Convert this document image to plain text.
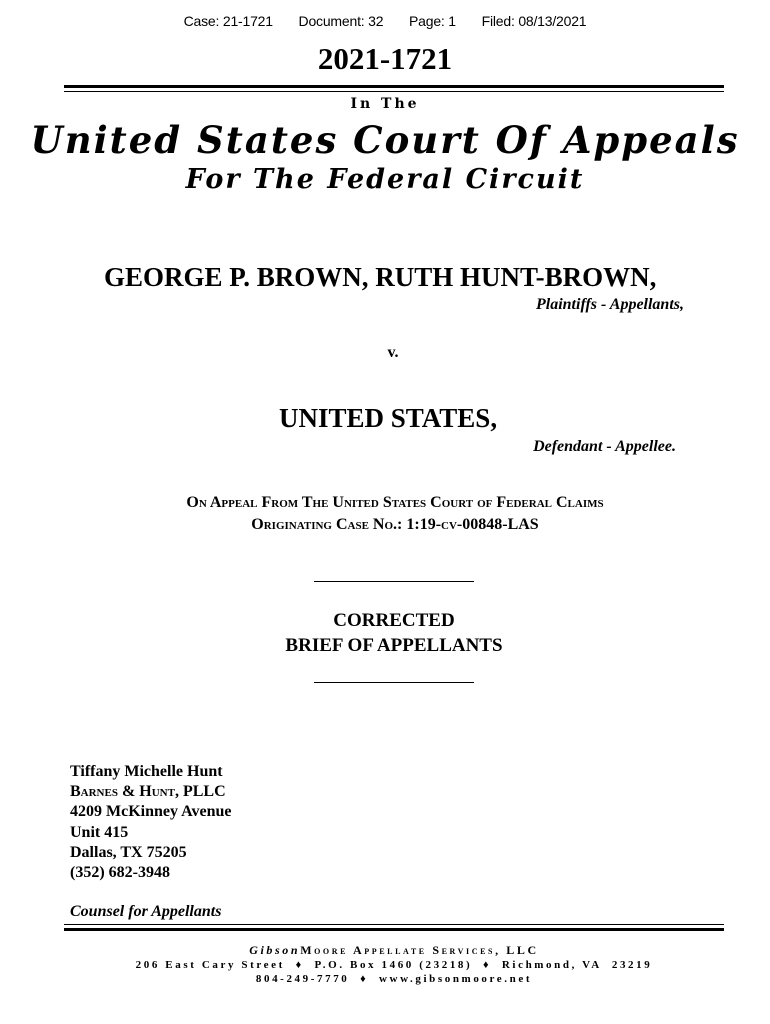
Case: 21-1721 Document: 32 Page: 1 Filed: 08/13/2021
2021-1721
In The
United States Court Of Appeals
For The Federal Circuit
GEORGE P. BROWN, RUTH HUNT-BROWN,
Plaintiffs - Appellants,
v.
UNITED STATES,
Defendant - Appellee.
On Appeal From The United States Court of Federal Claims
Originating Case No.: 1:19-cv-00848-LAS
CORRECTED
BRIEF OF APPELLANTS
Tiffany Michelle Hunt
Barnes & Hunt, PLLC
4209 McKinney Avenue
Unit 415
Dallas, TX 75205
(352) 682-3948
Counsel for Appellants
GibsonMoore Appellate Services, LLC
206 East Cary Street  ♦  P.O. Box 1460 (23218)  ♦  Richmond, VA  23219
804-249-7770  ♦  www.gibsonmoore.net
